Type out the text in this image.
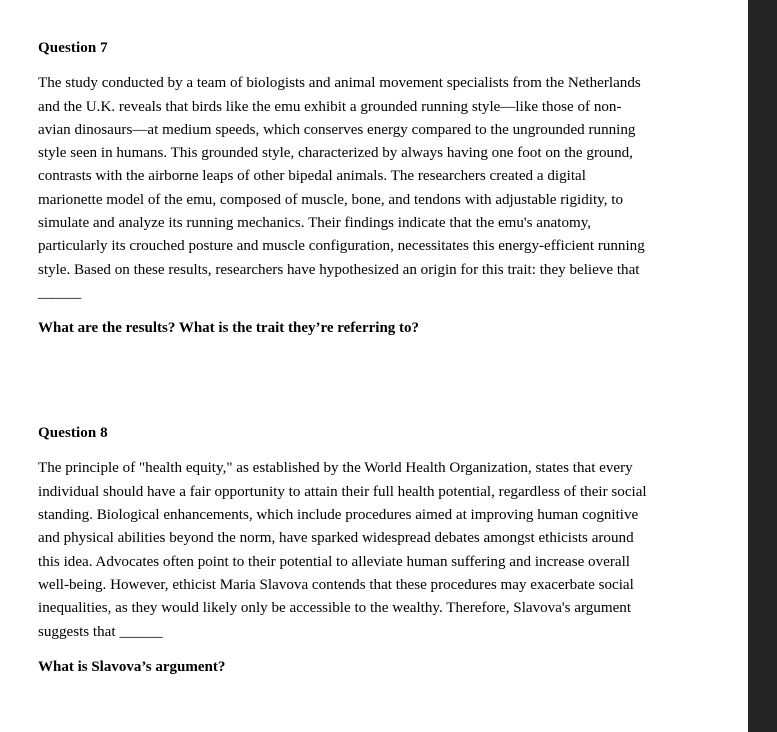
Question 7

The study conducted by a team of biologists and animal movement specialists from the Netherlands and the U.K. reveals that birds like the emu exhibit a grounded running style—like those of non-avian dinosaurs—at medium speeds, which conserves energy compared to the ungrounded running style seen in humans. This grounded style, characterized by always having one foot on the ground, contrasts with the airborne leaps of other bipedal animals. The researchers created a digital marionette model of the emu, composed of muscle, bone, and tendons with adjustable rigidity, to simulate and analyze its running mechanics. Their findings indicate that the emu's anatomy, particularly its crouched posture and muscle configuration, necessitates this energy-efficient running style. Based on these results, researchers have hypothesized an origin for this trait: they believe that ______

What are the results? What is the trait they’re referring to?

Question 8

The principle of "health equity," as established by the World Health Organization, states that every individual should have a fair opportunity to attain their full health potential, regardless of their social standing. Biological enhancements, which include procedures aimed at improving human cognitive and physical abilities beyond the norm, have sparked widespread debates amongst ethicists around this idea. Advocates often point to their potential to alleviate human suffering and increase overall well-being. However, ethicist Maria Slavova contends that these procedures may exacerbate social inequalities, as they would likely only be accessible to the wealthy. Therefore, Slavova's argument suggests that ______

What is Slavova’s argument?
